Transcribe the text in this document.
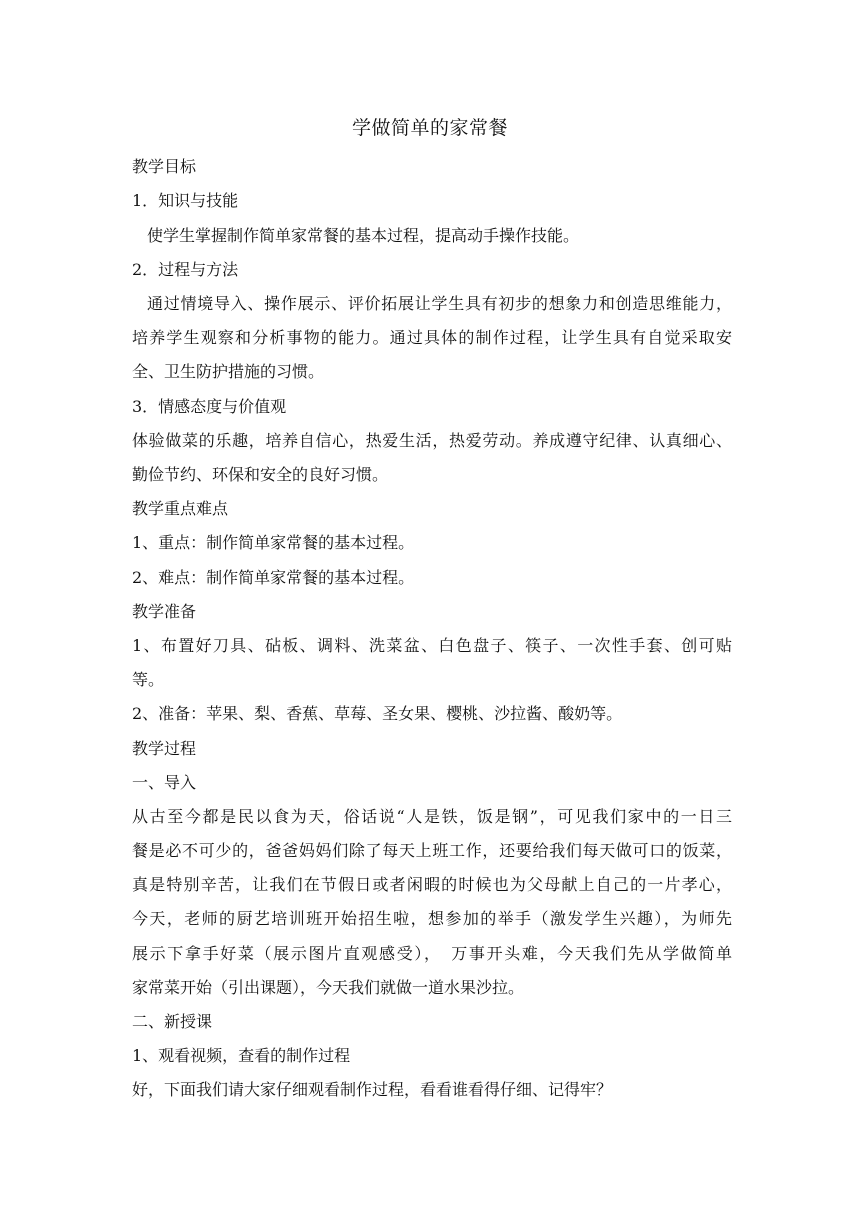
学做简单的家常餐
教学目标
1．知识与技能
使学生掌握制作简单家常餐的基本过程，提高动手操作技能。
2．过程与方法
通过情境导入、操作展示、评价拓展让学生具有初步的想象力和创造思维能力，
培养学生观察和分析事物的能力。通过具体的制作过程，让学生具有自觉采取安
全、卫生防护措施的习惯。
3．情感态度与价值观
体验做菜的乐趣，培养自信心，热爱生活，热爱劳动。养成遵守纪律、认真细心、
勤俭节约、环保和安全的良好习惯。
教学重点难点
1、重点：制作简单家常餐的基本过程。
2、难点：制作简单家常餐的基本过程。
教学准备
1、布置好刀具、砧板、调料、洗菜盆、白色盘子、筷子、一次性手套、创可贴
等。
2、准备：苹果、梨、香蕉、草莓、圣女果、樱桃、沙拉酱、酸奶等。
教学过程
一、导入
从古至今都是民以食为天，俗话说“人是铁，饭是钢”，可见我们家中的一日三
餐是必不可少的，爸爸妈妈们除了每天上班工作，还要给我们每天做可口的饭菜，
真是特别辛苦，让我们在节假日或者闲暇的时候也为父母献上自己的一片孝心，
今天，老师的厨艺培训班开始招生啦，想参加的举手（激发学生兴趣），为师先
展示下拿手好菜（展示图片直观感受），　万事开头难，今天我们先从学做简单
家常菜开始（引出课题），今天我们就做一道水果沙拉。
二、新授课
1、观看视频，查看的制作过程
好，下面我们请大家仔细观看制作过程，看看谁看得仔细、记得牢？
